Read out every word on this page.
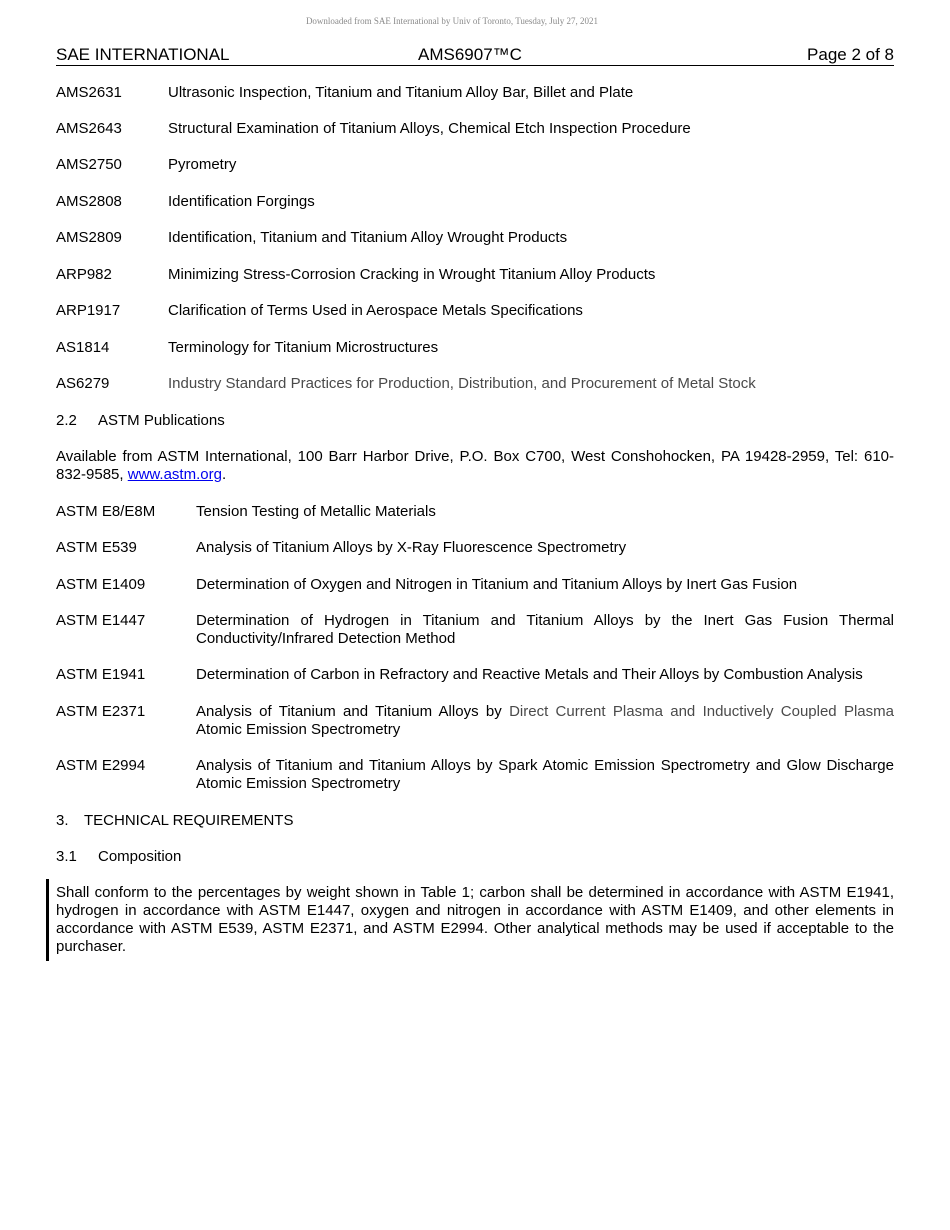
Downloaded from SAE International by Univ of Toronto, Tuesday, July 27, 2021
SAE INTERNATIONAL	AMS6907™C	Page 2 of 8
AMS2631	Ultrasonic Inspection, Titanium and Titanium Alloy Bar, Billet and Plate
AMS2643	Structural Examination of Titanium Alloys, Chemical Etch Inspection Procedure
AMS2750	Pyrometry
AMS2808	Identification Forgings
AMS2809	Identification, Titanium and Titanium Alloy Wrought Products
ARP982	Minimizing Stress-Corrosion Cracking in Wrought Titanium Alloy Products
ARP1917	Clarification of Terms Used in Aerospace Metals Specifications
AS1814	Terminology for Titanium Microstructures
AS6279	Industry Standard Practices for Production, Distribution, and Procurement of Metal Stock
2.2 ASTM Publications
Available from ASTM International, 100 Barr Harbor Drive, P.O. Box C700, West Conshohocken, PA 19428-2959, Tel: 610-832-9585, www.astm.org.
ASTM E8/E8M	Tension Testing of Metallic Materials
ASTM E539	Analysis of Titanium Alloys by X-Ray Fluorescence Spectrometry
ASTM E1409	Determination of Oxygen and Nitrogen in Titanium and Titanium Alloys by Inert Gas Fusion
ASTM E1447	Determination of Hydrogen in Titanium and Titanium Alloys by the Inert Gas Fusion Thermal Conductivity/Infrared Detection Method
ASTM E1941	Determination of Carbon in Refractory and Reactive Metals and Their Alloys by Combustion Analysis
ASTM E2371	Analysis of Titanium and Titanium Alloys by Direct Current Plasma and Inductively Coupled Plasma Atomic Emission Spectrometry
ASTM E2994	Analysis of Titanium and Titanium Alloys by Spark Atomic Emission Spectrometry and Glow Discharge Atomic Emission Spectrometry
3. TECHNICAL REQUIREMENTS
3.1 Composition
Shall conform to the percentages by weight shown in Table 1; carbon shall be determined in accordance with ASTM E1941, hydrogen in accordance with ASTM E1447, oxygen and nitrogen in accordance with ASTM E1409, and other elements in accordance with ASTM E539, ASTM E2371, and ASTM E2994. Other analytical methods may be used if acceptable to the purchaser.
